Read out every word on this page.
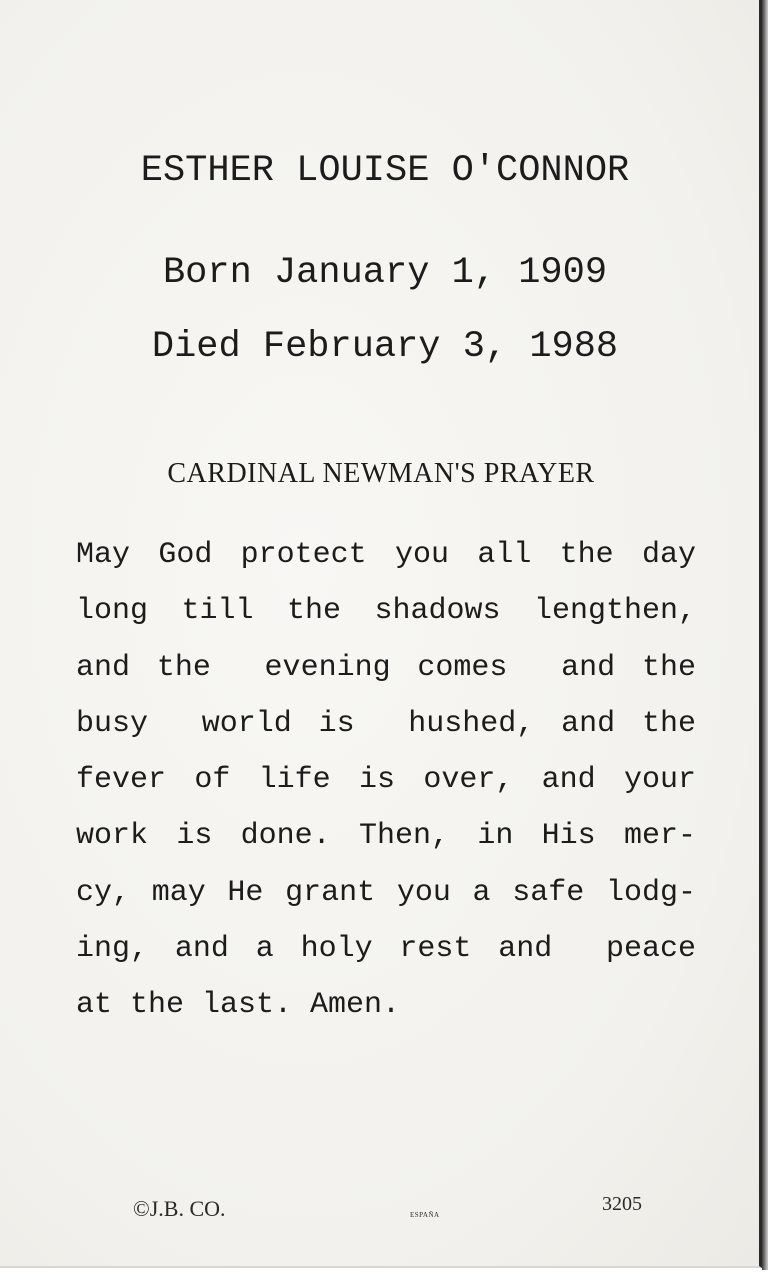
ESTHER LOUISE O'CONNOR
Born January 1, 1909
Died February 3, 1988
CARDINAL NEWMAN'S PRAYER
May God protect you all the day
long till the shadows lengthen,
and the  evening comes  and the
busy  world is  hushed, and the
fever of life is over, and your
work is done. Then, in His mer-
cy, may He grant you a safe lodg-
ing, and a holy rest and  peace
at the last. Amen.
©J.B. CO.	ESPAÑA	3205
